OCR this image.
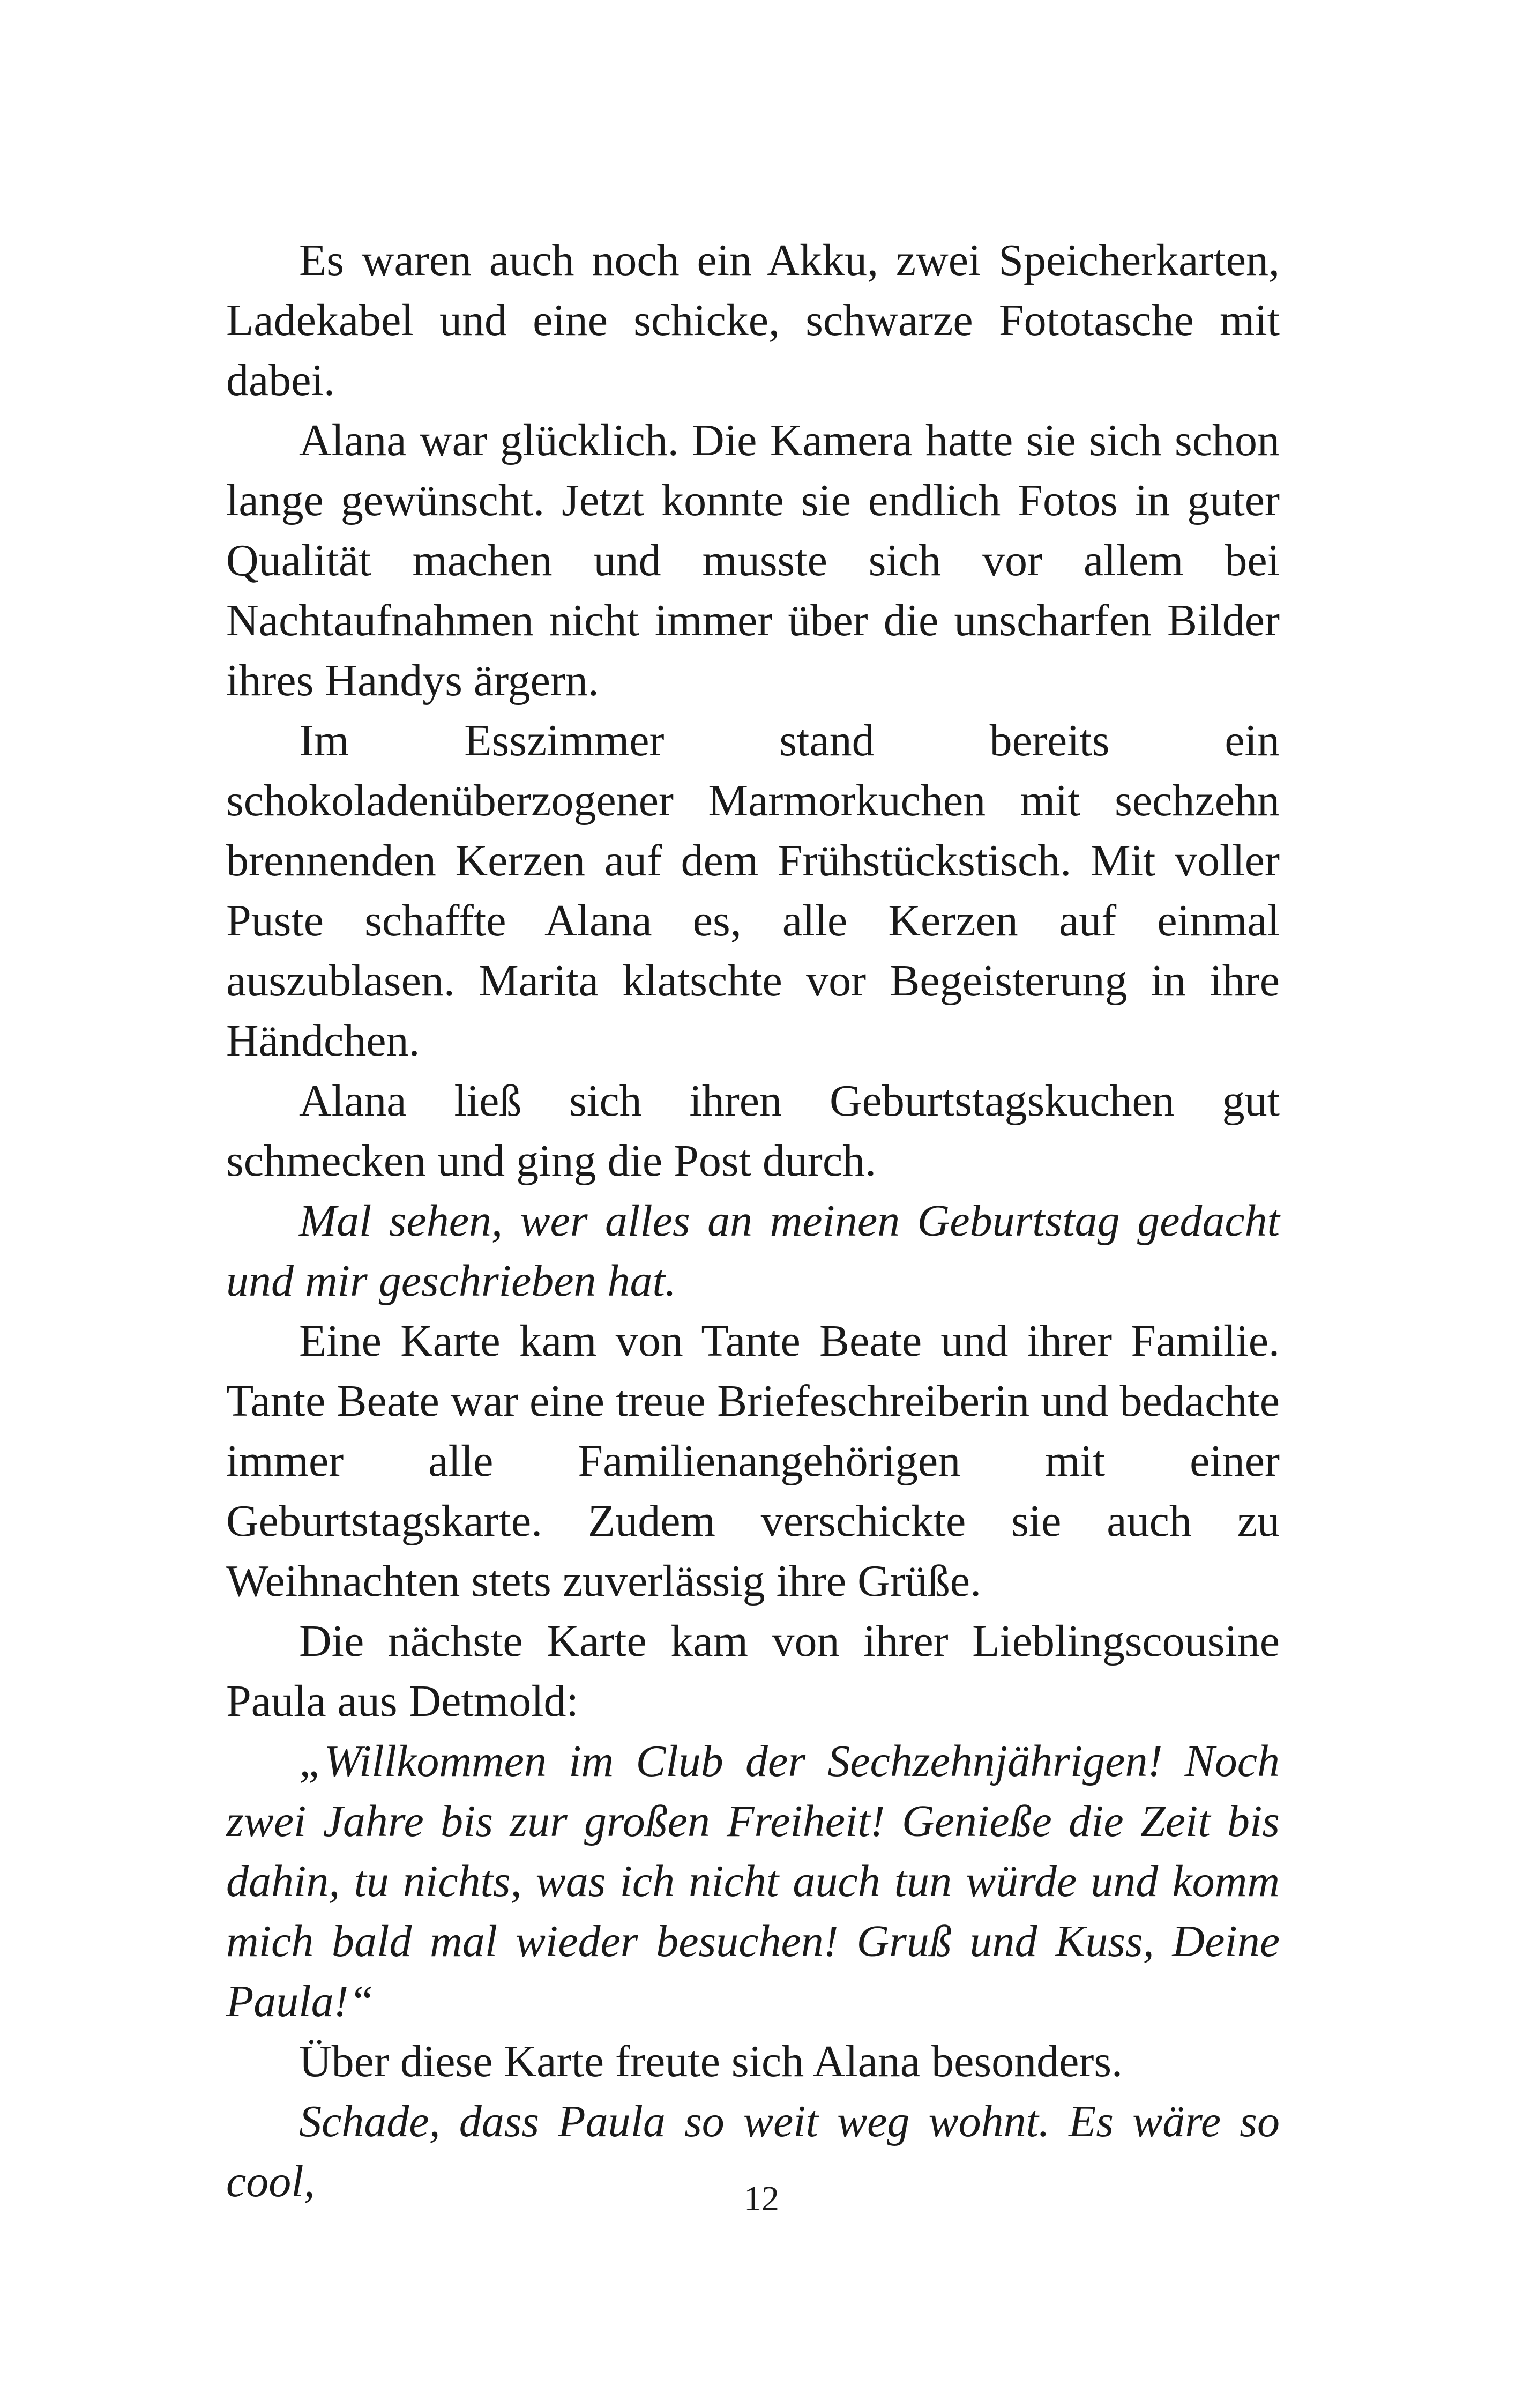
Es waren auch noch ein Akku, zwei Speicherkarten, Ladekabel und eine schicke, schwarze Fototasche mit dabei.

Alana war glücklich. Die Kamera hatte sie sich schon lange gewünscht. Jetzt konnte sie endlich Fotos in guter Qualität machen und musste sich vor allem bei Nachtaufnahmen nicht immer über die unscharfen Bilder ihres Handys ärgern.

Im Esszimmer stand bereits ein schokoladenüberzogener Marmorkuchen mit sechzehn brennenden Kerzen auf dem Frühstückstisch. Mit voller Puste schaffte Alana es, alle Kerzen auf einmal auszublasen. Marita klatschte vor Begeisterung in ihre Händchen.

Alana ließ sich ihren Geburtstagskuchen gut schmecken und ging die Post durch.

Mal sehen, wer alles an meinen Geburtstag gedacht und mir geschrieben hat.

Eine Karte kam von Tante Beate und ihrer Familie. Tante Beate war eine treue Briefeschreiberin und bedachte immer alle Familienangehörigen mit einer Geburtstagskarte. Zudem verschickte sie auch zu Weihnachten stets zuverlässig ihre Grüße.

Die nächste Karte kam von ihrer Lieblingscousine Paula aus Detmold:

„Willkommen im Club der Sechzehnjährigen! Noch zwei Jahre bis zur großen Freiheit! Genieße die Zeit bis dahin, tu nichts, was ich nicht auch tun würde und komm mich bald mal wieder besuchen! Gruß und Kuss, Deine Paula!“

Über diese Karte freute sich Alana besonders.

Schade, dass Paula so weit weg wohnt. Es wäre so cool,	12
